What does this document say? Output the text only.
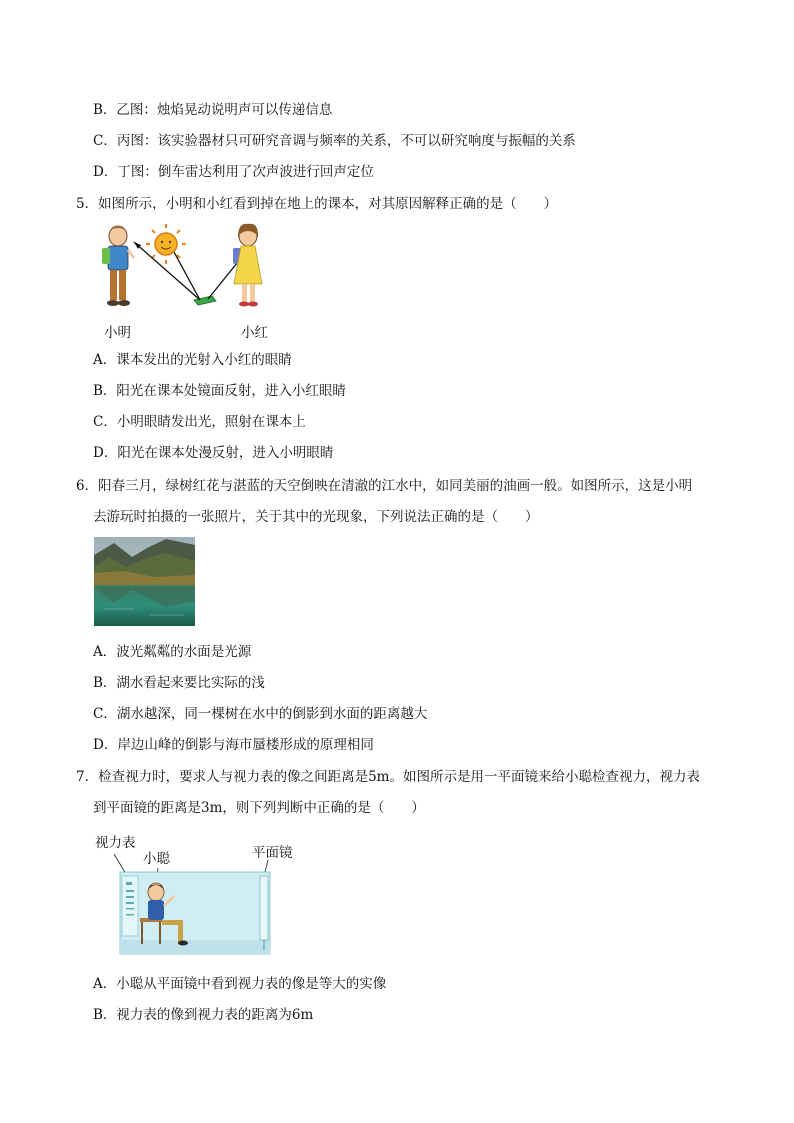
B．乙图：烛焰晃动说明声可以传递信息
C．丙图：该实验器材只可研究音调与频率的关系，不可以研究响度与振幅的关系
D．丁图：倒车雷达利用了次声波进行回声定位
5．如图所示，小明和小红看到掉在地上的课本，对其原因解释正确的是（　　）
小明	小红
A．课本发出的光射入小红的眼睛
B．阳光在课本处镜面反射，进入小红眼睛
C．小明眼睛发出光，照射在课本上
D．阳光在课本处漫反射，进入小明眼睛
6．阳春三月，绿树红花与湛蓝的天空倒映在清澈的江水中，如同美丽的油画一般。如图所示，这是小明
去游玩时拍摄的一张照片，关于其中的光现象，下列说法正确的是（　　）
A．波光粼粼的水面是光源
B．湖水看起来要比实际的浅
C．湖水越深，同一棵树在水中的倒影到水面的距离越大
D．岸边山峰的倒影与海市蜃楼形成的原理相同
7．检查视力时，要求人与视力表的像之间距离是5m。如图所示是用一平面镜来给小聪检查视力，视力表
到平面镜的距离是3m，则下列判断中正确的是（　　）
视力表
小聪	平面镜
A．小聪从平面镜中看到视力表的像是等大的实像
B．视力表的像到视力表的距离为6m
